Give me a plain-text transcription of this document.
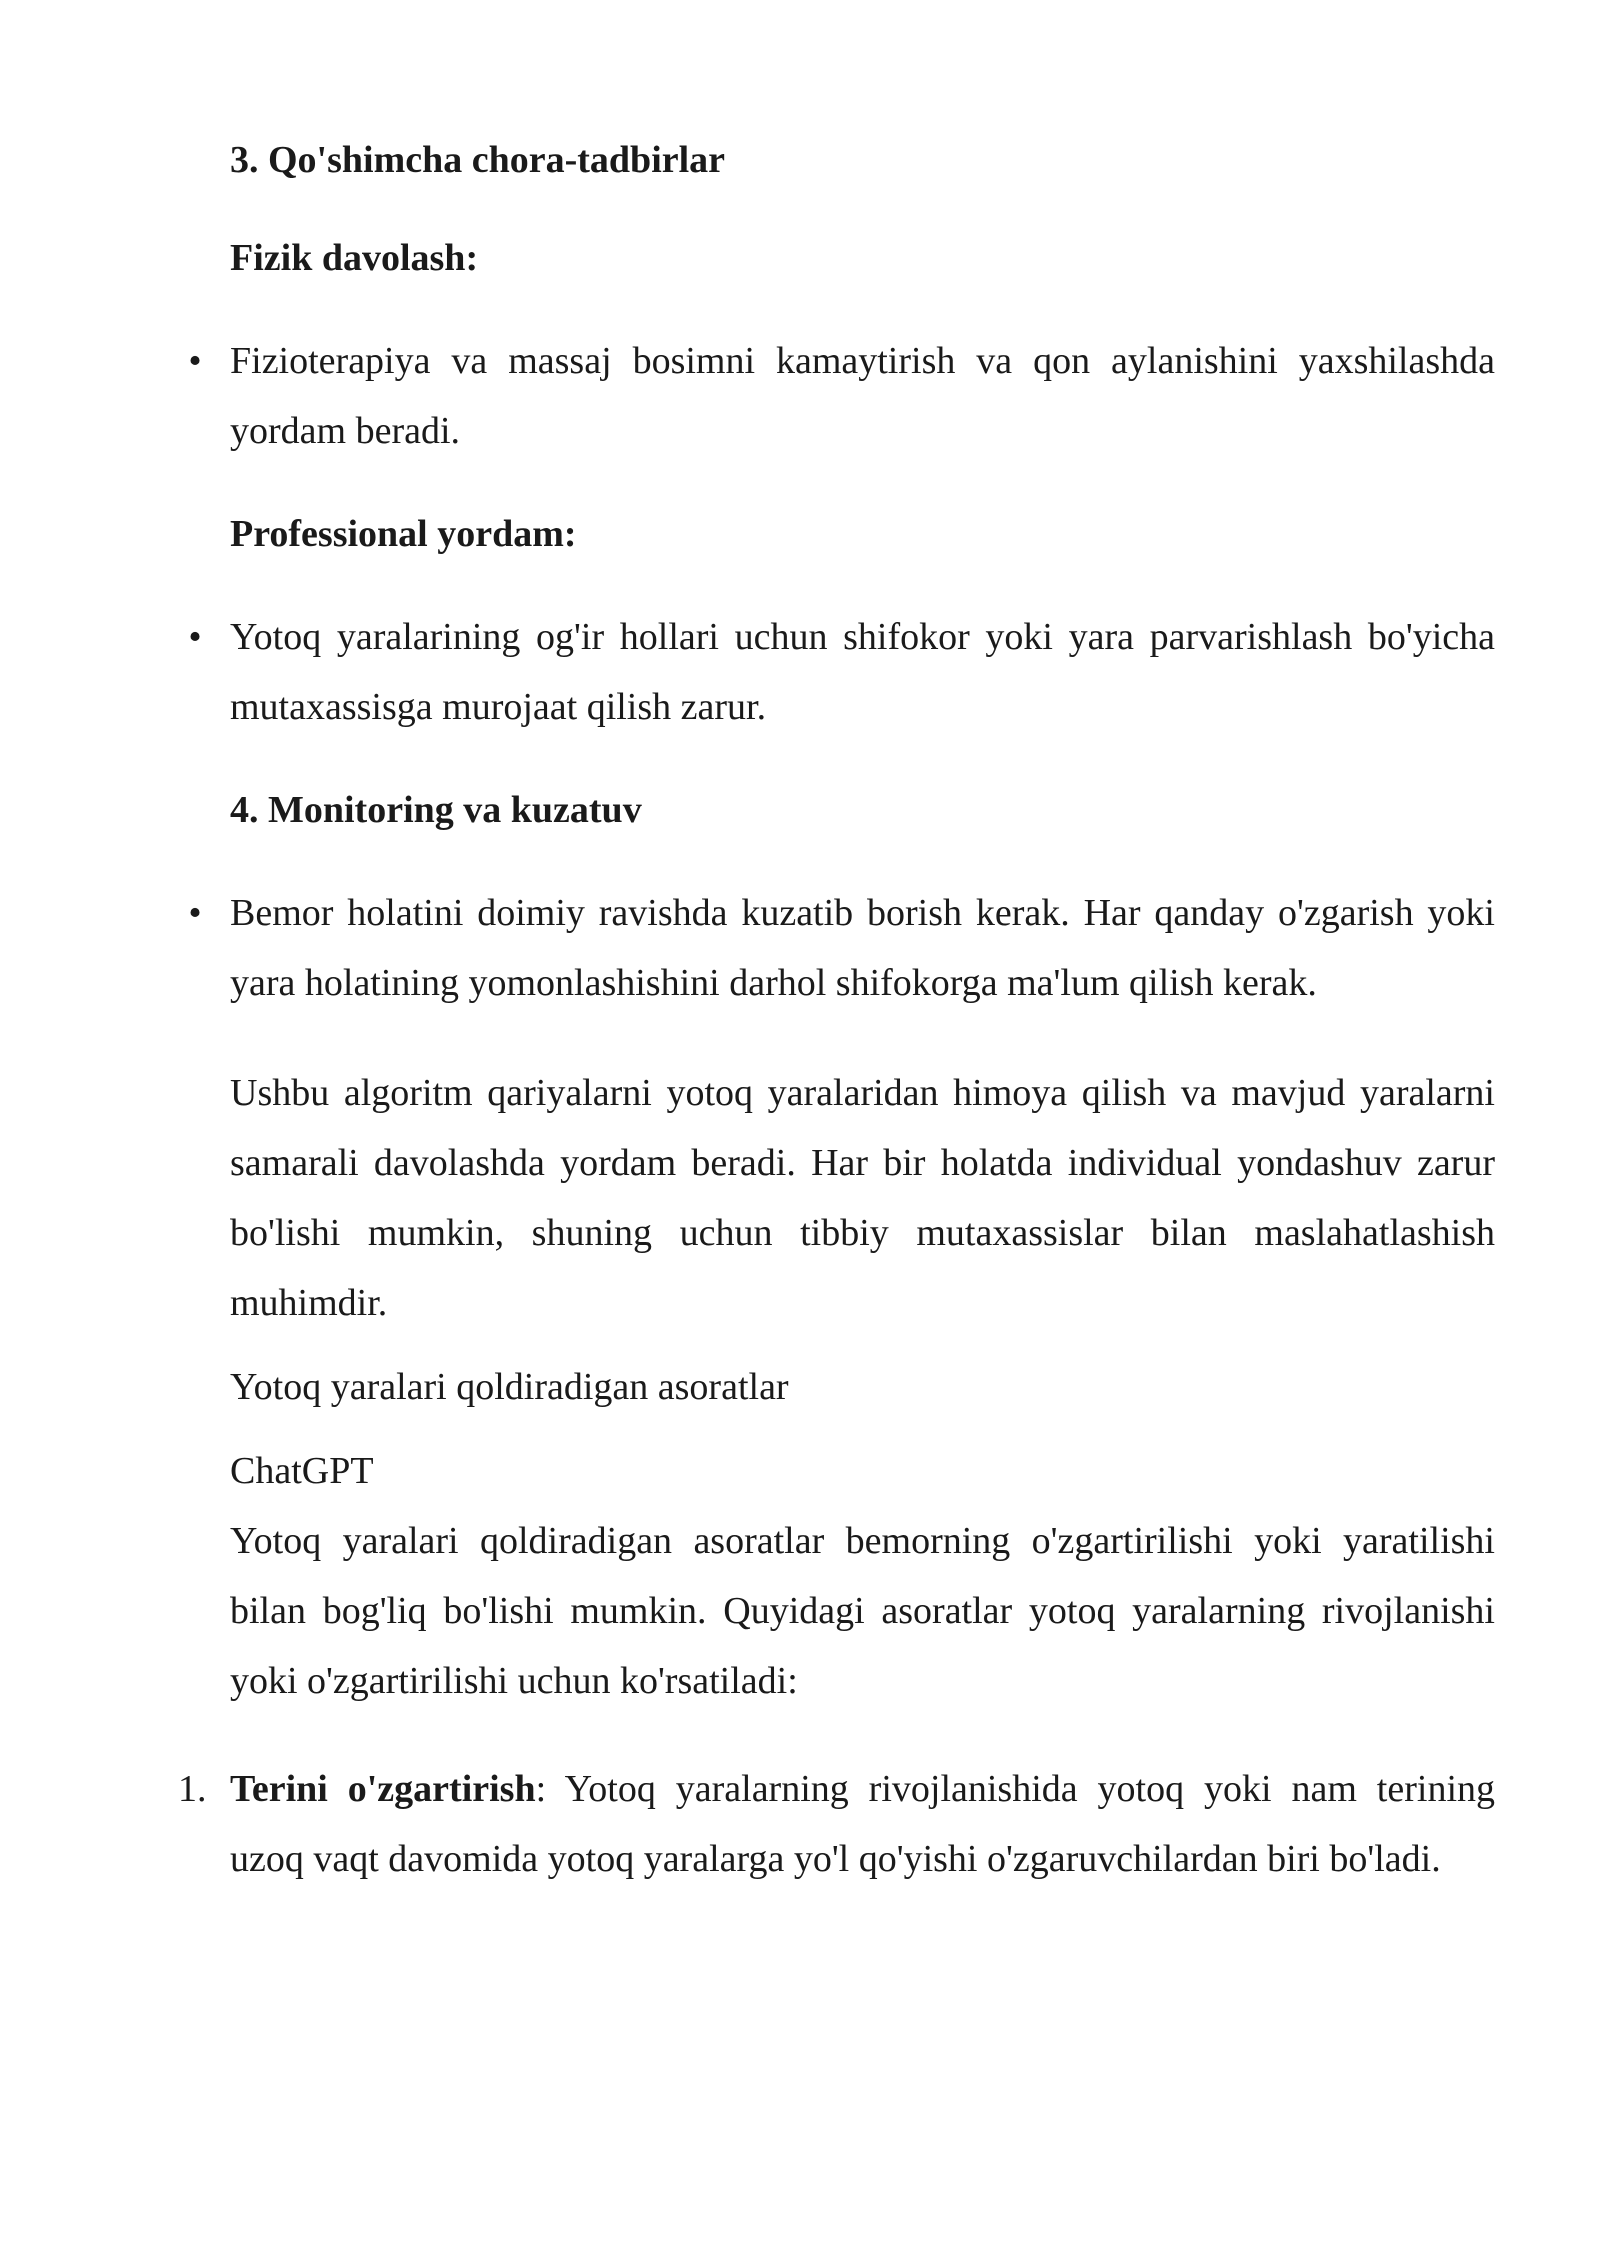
3. Qo'shimcha chora-tadbirlar

Fizik davolash:

• Fizioterapiya va massaj bosimni kamaytirish va qon aylanishini yaxshilashda yordam beradi.

Professional yordam:

• Yotoq yaralarining og'ir hollari uchun shifokor yoki yara parvarishlash bo'yicha mutaxassisga murojaat qilish zarur.

4. Monitoring va kuzatuv

• Bemor holatini doimiy ravishda kuzatib borish kerak. Har qanday o'zgarish yoki yara holatining yomonlashishini darhol shifokorga ma'lum qilish kerak.

Ushbu algoritm qariyalarni yotoq yaralaridan himoya qilish va mavjud yaralarni samarali davolashda yordam beradi. Har bir holatda individual yondashuv zarur bo'lishi mumkin, shuning uchun tibbiy mutaxassislar bilan maslahatlashish muhimdir.

Yotoq yaralari qoldiradigan asoratlar

ChatGPT

Yotoq yaralari qoldiradigan asoratlar bemorning o'zgartirilishi yoki yaratilishi bilan bog'liq bo'lishi mumkin. Quyidagi asoratlar yotoq yaralarning rivojlanishi yoki o'zgartirilishi uchun ko'rsatiladi:

1. Terini o'zgartirish: Yotoq yaralarning rivojlanishida yotoq yoki nam terining uzoq vaqt davomida yotoq yaralarga yo'l qo'yishi o'zgaruvchilardan biri bo'ladi.
